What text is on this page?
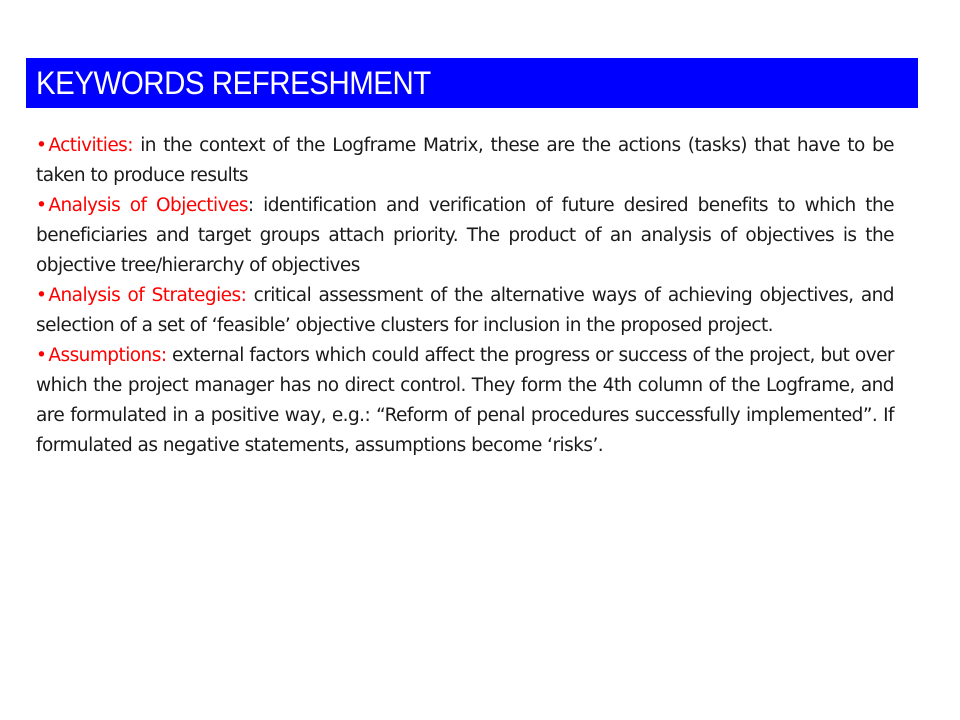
KEYWORDS REFRESHMENT

• Activities: in the context of the Logframe Matrix, these are the actions (tasks) that have to be taken to produce results

• Analysis of Objectives: identification and verification of future desired benefits to which the beneficiaries and target groups attach priority. The product of an analysis of objectives is the objective tree/hierarchy of objectives

• Analysis of Strategies: critical assessment of the alternative ways of achieving objectives, and selection of a set of ‘feasible’ objective clusters for inclusion in the proposed project.

• Assumptions: external factors which could affect the progress or success of the project, but over which the project manager has no direct control. They form the 4th column of the Logframe, and are formulated in a positive way, e.g.: “Reform of penal procedures successfully implemented”. If formulated as negative statements, assumptions become ‘risks’.
